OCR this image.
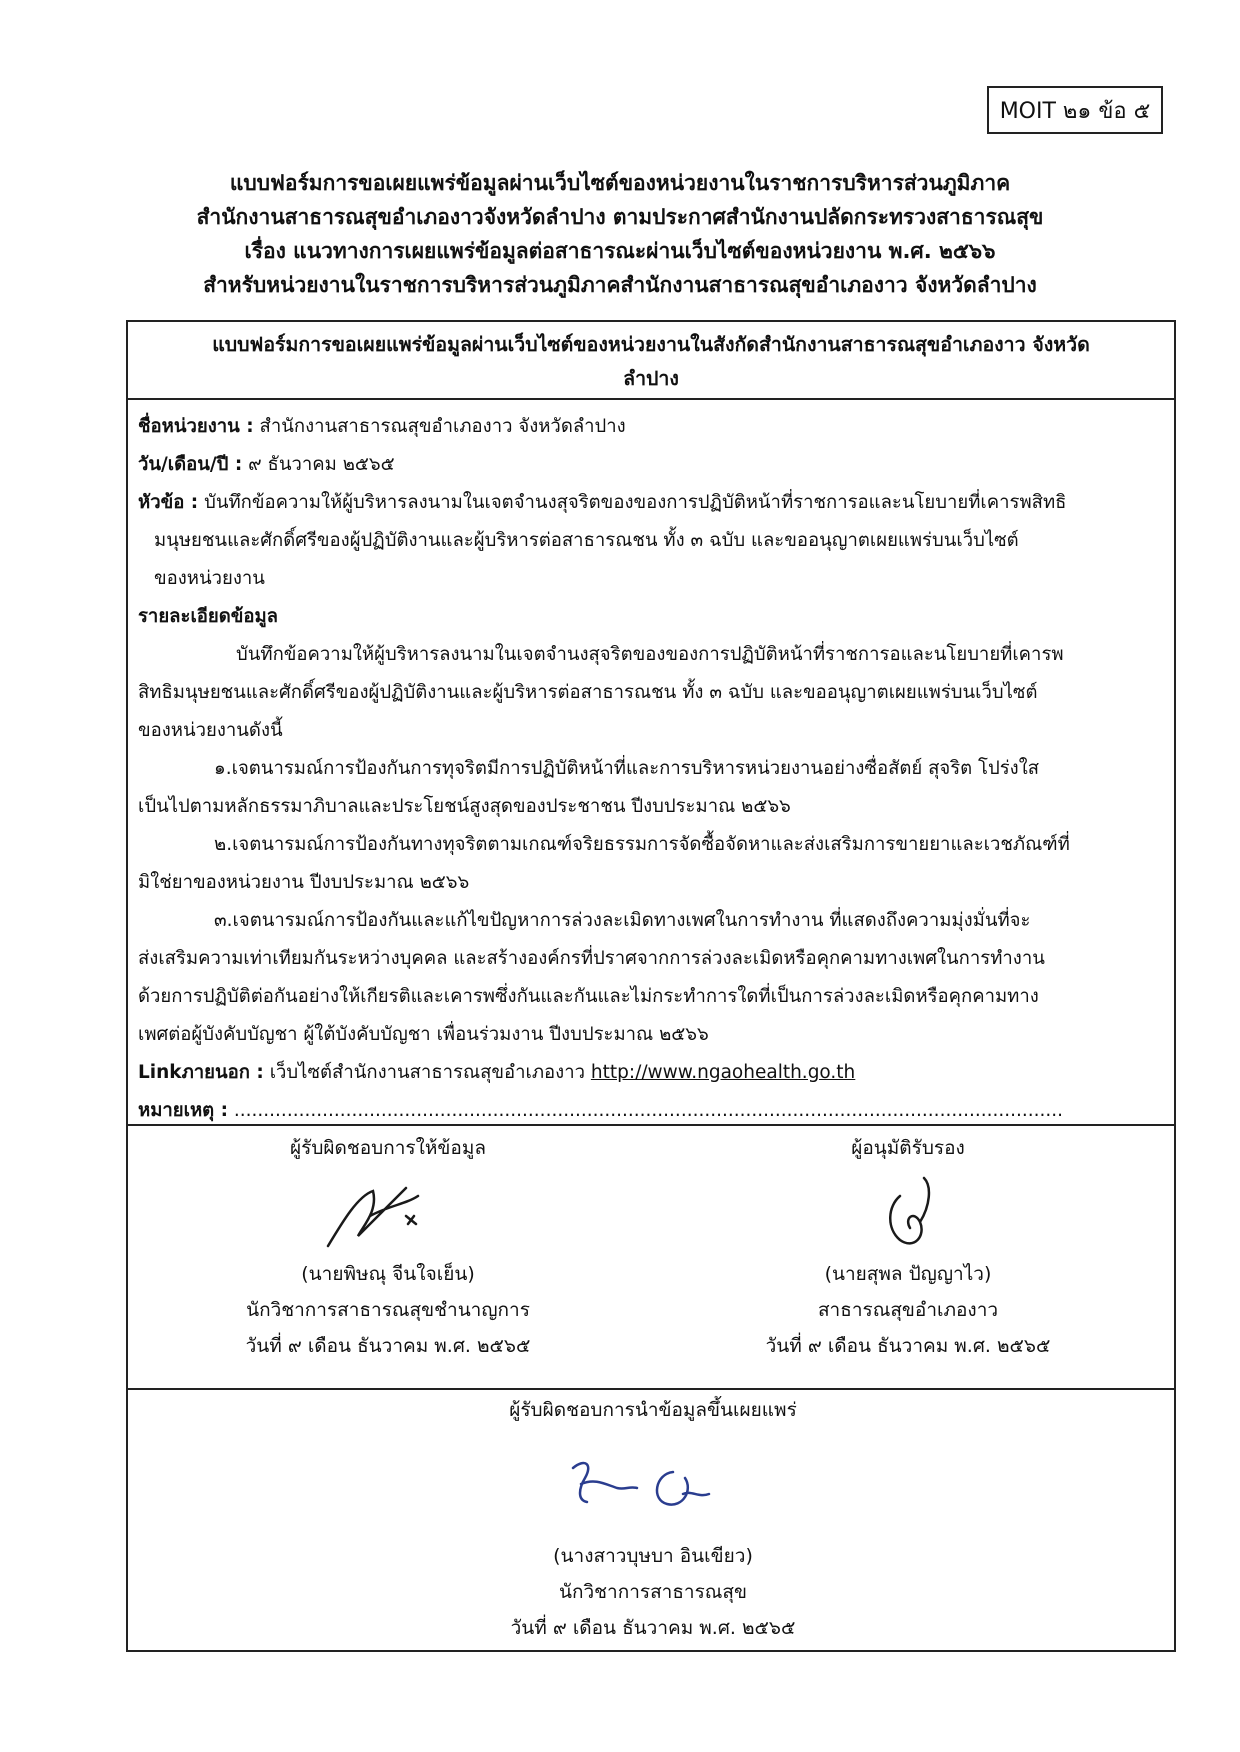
MOIT ๒๑ ข้อ ๕
แบบฟอร์มการขอเผยแพร่ข้อมูลผ่านเว็บไซต์ของหน่วยงานในราชการบริหารส่วนภูมิภาค
สำนักงานสาธารณสุขอำเภองาวจังหวัดลำปาง ตามประกาศสำนักงานปลัดกระทรวงสาธารณสุข
เรื่อง แนวทางการเผยแพร่ข้อมูลต่อสาธารณะผ่านเว็บไซต์ของหน่วยงาน พ.ศ. ๒๕๖๖
สำหรับหน่วยงานในราชการบริหารส่วนภูมิภาคสำนักงานสาธารณสุขอำเภองาว จังหวัดลำปาง
แบบฟอร์มการขอเผยแพร่ข้อมูลผ่านเว็บไซต์ของหน่วยงานในสังกัดสำนักงานสาธารณสุขอำเภองาว จังหวัด
ลำปาง
ชื่อหน่วยงาน : สำนักงานสาธารณสุขอำเภองาว จังหวัดลำปาง
วัน/เดือน/ปี : ๙ ธันวาคม ๒๕๖๕
หัวข้อ : บันทึกข้อความให้ผู้บริหารลงนามในเจตจำนงสุจริตของของการปฏิบัติหน้าที่ราชการอและนโยบายที่เคารพสิทธิ
มนุษยชนและศักดิ์ศรีของผู้ปฏิบัติงานและผู้บริหารต่อสาธารณชน ทั้ง ๓ ฉบับ และขออนุญาตเผยแพร่บนเว็บไซต์
ของหน่วยงาน
รายละเอียดข้อมูล
บันทึกข้อความให้ผู้บริหารลงนามในเจตจำนงสุจริตของของการปฏิบัติหน้าที่ราชการอและนโยบายที่เคารพ
สิทธิมนุษยชนและศักดิ์ศรีของผู้ปฏิบัติงานและผู้บริหารต่อสาธารณชน ทั้ง ๓ ฉบับ และขออนุญาตเผยแพร่บนเว็บไซต์
ของหน่วยงานดังนี้
๑.เจตนารมณ์การป้องกันการทุจริตมีการปฏิบัติหน้าที่และการบริหารหน่วยงานอย่างซื่อสัตย์ สุจริต โปร่งใส
เป็นไปตามหลักธรรมาภิบาลและประโยชน์สูงสุดของประชาชน ปีงบประมาณ ๒๕๖๖
๒.เจตนารมณ์การป้องกันทางทุจริตตามเกณฑ์จริยธรรมการจัดซื้อจัดหาและส่งเสริมการขายยาและเวชภัณฑ์ที่
มิใช่ยาของหน่วยงาน ปีงบประมาณ ๒๕๖๖
๓.เจตนารมณ์การป้องกันและแก้ไขปัญหาการล่วงละเมิดทางเพศในการทำงาน ที่แสดงถึงความมุ่งมั่นที่จะ
ส่งเสริมความเท่าเทียมกันระหว่างบุคคล และสร้างองค์กรที่ปราศจากการล่วงละเมิดหรือคุกคามทางเพศในการทำงาน
ด้วยการปฏิบัติต่อกันอย่างให้เกียรติและเคารพซึ่งกันและกันและไม่กระทำการใดที่เป็นการล่วงละเมิดหรือคุกคามทาง
เพศต่อผู้บังคับบัญชา ผู้ใต้บังคับบัญชา เพื่อนร่วมงาน ปีงบประมาณ ๒๕๖๖
Linkภายนอก : เว็บไซต์สำนักงานสาธารณสุขอำเภองาว http://www.ngaohealth.go.th
หมายเหตุ : .............................................................................................................................................
ผู้รับผิดชอบการให้ข้อมูล
(นายพิษณุ จีนใจเย็น)
นักวิชาการสาธารณสุขชำนาญการ
วันที่ ๙ เดือน ธันวาคม พ.ศ. ๒๕๖๕
ผู้อนุมัติรับรอง
(นายสุพล ปัญญาไว)
สาธารณสุขอำเภองาว
วันที่ ๙ เดือน ธันวาคม พ.ศ. ๒๕๖๕
ผู้รับผิดชอบการนำข้อมูลขึ้นเผยแพร่
(นางสาวบุษบา อินเขียว)
นักวิชาการสาธารณสุข
วันที่ ๙ เดือน ธันวาคม พ.ศ. ๒๕๖๕
